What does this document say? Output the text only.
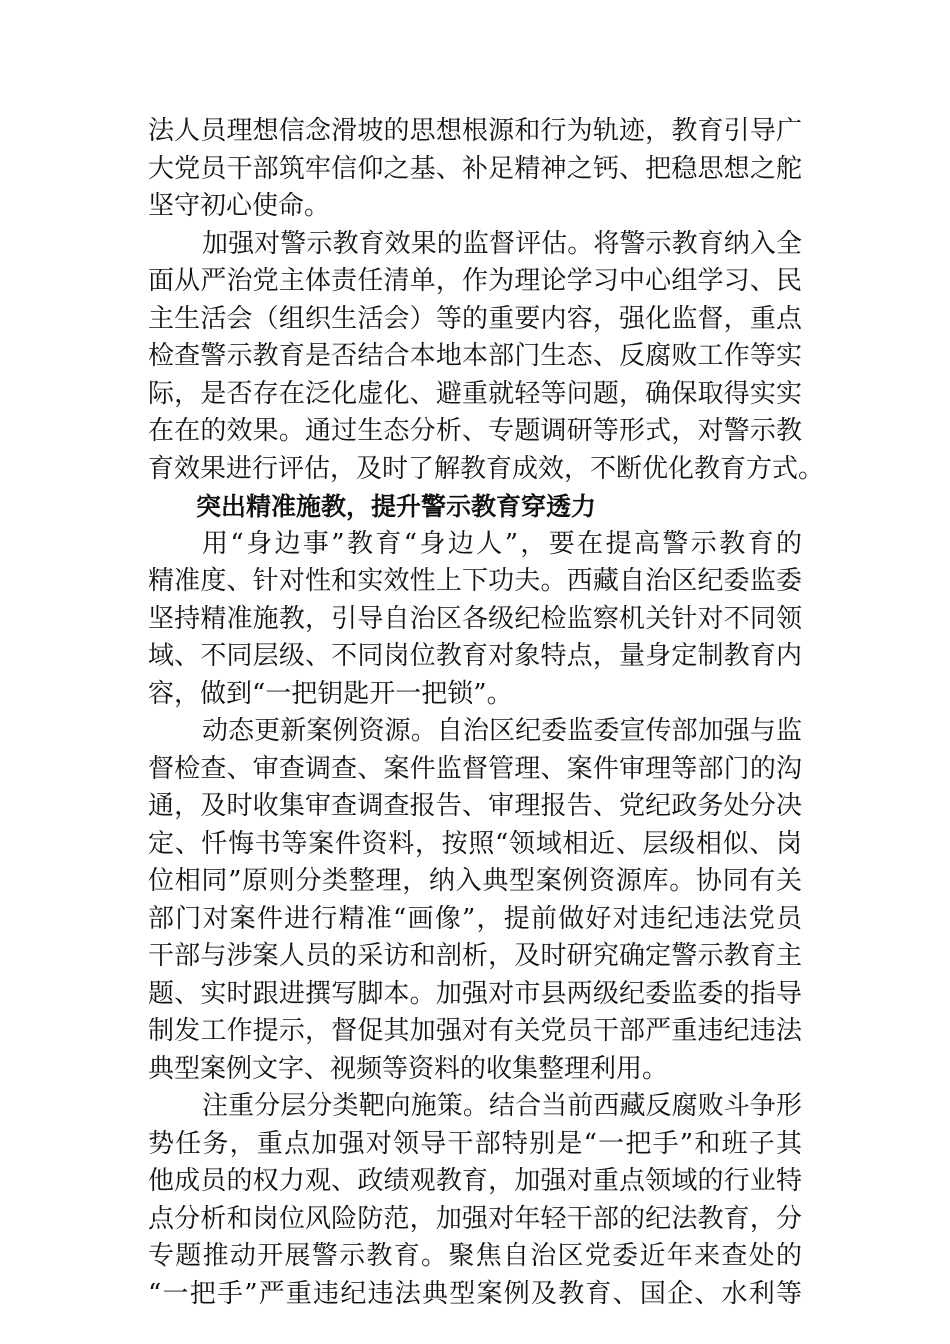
法人员理想信念滑坡的思想根源和行为轨迹，教育引导广
大党员干部筑牢信仰之基、补足精神之钙、把稳思想之舵
坚守初心使命。
加强对警示教育效果的监督评估。将警示教育纳入全
面从严治党主体责任清单，作为理论学习中心组学习、民
主生活会（组织生活会）等的重要内容，强化监督，重点
检查警示教育是否结合本地本部门生态、反腐败工作等实
际，是否存在泛化虚化、避重就轻等问题，确保取得实实
在在的效果。通过生态分析、专题调研等形式，对警示教
育效果进行评估，及时了解教育成效，不断优化教育方式。
突出精准施教，提升警示教育穿透力
用“身边事”教育“身边人”，要在提高警示教育的
精准度、针对性和实效性上下功夫。西藏自治区纪委监委
坚持精准施教，引导自治区各级纪检监察机关针对不同领
域、不同层级、不同岗位教育对象特点，量身定制教育内
容，做到“一把钥匙开一把锁”。
动态更新案例资源。自治区纪委监委宣传部加强与监
督检查、审查调查、案件监督管理、案件审理等部门的沟
通，及时收集审查调查报告、审理报告、党纪政务处分决
定、忏悔书等案件资料，按照“领域相近、层级相似、岗
位相同”原则分类整理，纳入典型案例资源库。协同有关
部门对案件进行精准“画像”，提前做好对违纪违法党员
干部与涉案人员的采访和剖析，及时研究确定警示教育主
题、实时跟进撰写脚本。加强对市县两级纪委监委的指导
制发工作提示，督促其加强对有关党员干部严重违纪违法
典型案例文字、视频等资料的收集整理利用。
注重分层分类靶向施策。结合当前西藏反腐败斗争形
势任务，重点加强对领导干部特别是“一把手”和班子其
他成员的权力观、政绩观教育，加强对重点领域的行业特
点分析和岗位风险防范，加强对年轻干部的纪法教育，分
专题推动开展警示教育。聚焦自治区党委近年来查处的
“一把手”严重违纪违法典型案例及教育、国企、水利等
